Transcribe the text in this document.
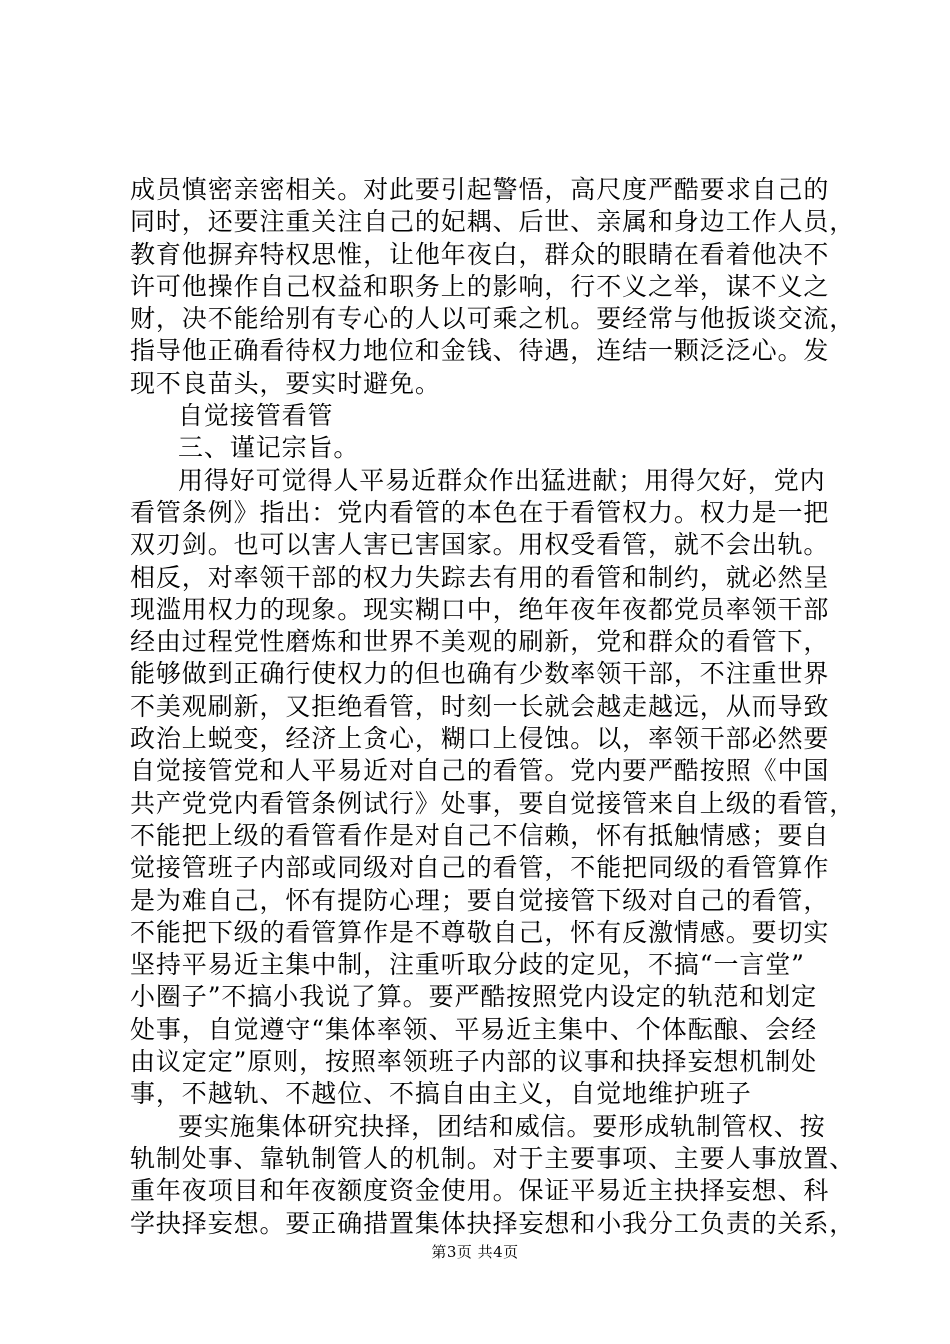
成员慎密亲密相关。对此要引起警悟，高尺度严酷要求自己的
同时，还要注重关注自己的妃耦、后世、亲属和身边工作人员，
教育他摒弃特权思惟，让他年夜白，群众的眼睛在看着他决不
许可他操作自己权益和职务上的影响，行不义之举，谋不义之
财，决不能给别有专心的人以可乘之机。要经常与他扳谈交流，
指导他正确看待权力地位和金钱、待遇，连结一颗泛泛心。发
现不良苗头，要实时避免。
自觉接管看管
三、谨记宗旨。
用得好可觉得人平易近群众作出猛进献；用得欠好，党内
看管条例》指出：党内看管的本色在于看管权力。权力是一把
双刃剑。也可以害人害已害国家。用权受看管，就不会出轨。
相反，对率领干部的权力失踪去有用的看管和制约，就必然呈
现滥用权力的现象。现实糊口中，绝年夜年夜都党员率领干部
经由过程党性磨炼和世界不美观的刷新，党和群众的看管下，
能够做到正确行使权力的但也确有少数率领干部，不注重世界
不美观刷新，又拒绝看管，时刻一长就会越走越远，从而导致
政治上蜕变，经济上贪心，糊口上侵蚀。以，率领干部必然要
自觉接管党和人平易近对自己的看管。党内要严酷按照《中国
共产党党内看管条例试行》处事，要自觉接管来自上级的看管，
不能把上级的看管看作是对自己不信赖，怀有抵触情感；要自
觉接管班子内部或同级对自己的看管，不能把同级的看管算作
是为难自己，怀有提防心理；要自觉接管下级对自己的看管，
不能把下级的看管算作是不尊敬自己，怀有反激情感。要切实
坚持平易近主集中制，注重听取分歧的定见，不搞“一言堂”
小圈子”不搞小我说了算。要严酷按照党内设定的轨范和划定
处事，自觉遵守“集体率领、平易近主集中、个体酝酿、会经
由议定定”原则，按照率领班子内部的议事和抉择妄想机制处
事，不越轨、不越位、不搞自由主义，自觉地维护班子
要实施集体研究抉择，团结和威信。要形成轨制管权、按
轨制处事、靠轨制管人的机制。对于主要事项、主要人事放置、
重年夜项目和年夜额度资金使用。保证平易近主抉择妄想、科
学抉择妄想。要正确措置集体抉择妄想和小我分工负责的关系，
第3页 共4页
